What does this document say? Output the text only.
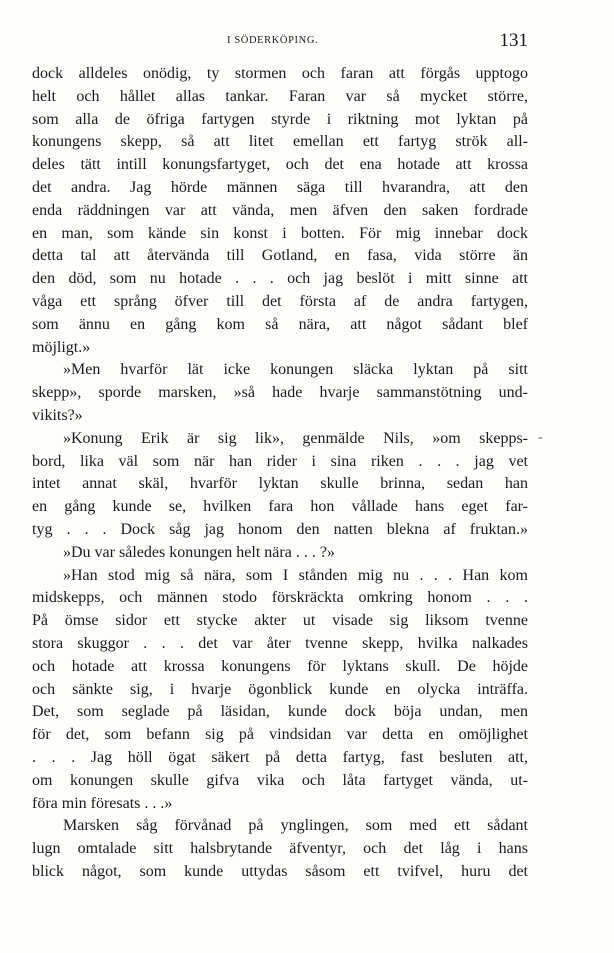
I SÖDERKÖPING.	131
dock alldeles onödig, ty stormen och faran att förgås upptogo
helt och hållet allas tankar. Faran var så mycket större,
som alla de öfriga fartygen styrde i riktning mot lyktan på
konungens skepp, så att litet emellan ett fartyg strök all-
deles tätt intill konungsfartyget, och det ena hotade att krossa
det andra. Jag hörde männen säga till hvarandra, att den
enda räddningen var att vända, men äfven den saken fordrade
en man, som kände sin konst i botten. För mig innebar dock
detta tal att återvända till Gotland, en fasa, vida större än
den död, som nu hotade . . . och jag beslöt i mitt sinne att
våga ett språng öfver till det första af de andra fartygen,
som ännu en gång kom så nära, att något sådant blef
möjligt.»
»Men hvarför lät icke konungen släcka lyktan på sitt
skepp», sporde marsken, »så hade hvarje sammanstötning und-
vikits?»
»Konung Erik är sig lik», genmälde Nils, »om skepps-
bord, lika väl som när han rider i sina riken . . . jag vet
intet annat skäl, hvarför lyktan skulle brinna, sedan han
en gång kunde se, hvilken fara hon vållade hans eget far-
tyg . . . Dock såg jag honom den natten blekna af fruktan.»
»Du var således konungen helt nära . . . ?»
»Han stod mig så nära, som I stånden mig nu . . . Han kom
midskepps, och männen stodo förskräckta omkring honom . . .
På ömse sidor ett stycke akter ut visade sig liksom tvenne
stora skuggor . . . det var åter tvenne skepp, hvilka nalkades
och hotade att krossa konungens för lyktans skull. De höjde
och sänkte sig, i hvarje ögonblick kunde en olycka inträffa.
Det, som seglade på läsidan, kunde dock böja undan, men
för det, som befann sig på vindsidan var detta en omöjlighet
. . . Jag höll ögat säkert på detta fartyg, fast besluten att,
om konungen skulle gifva vika och låta fartyget vända, ut-
föra min föresats . . .»
Marsken såg förvånad på ynglingen, som med ett sådant
lugn omtalade sitt halsbrytande äfventyr, och det låg i hans
blick något, som kunde uttydas såsom ett tvifvel, huru det
-
